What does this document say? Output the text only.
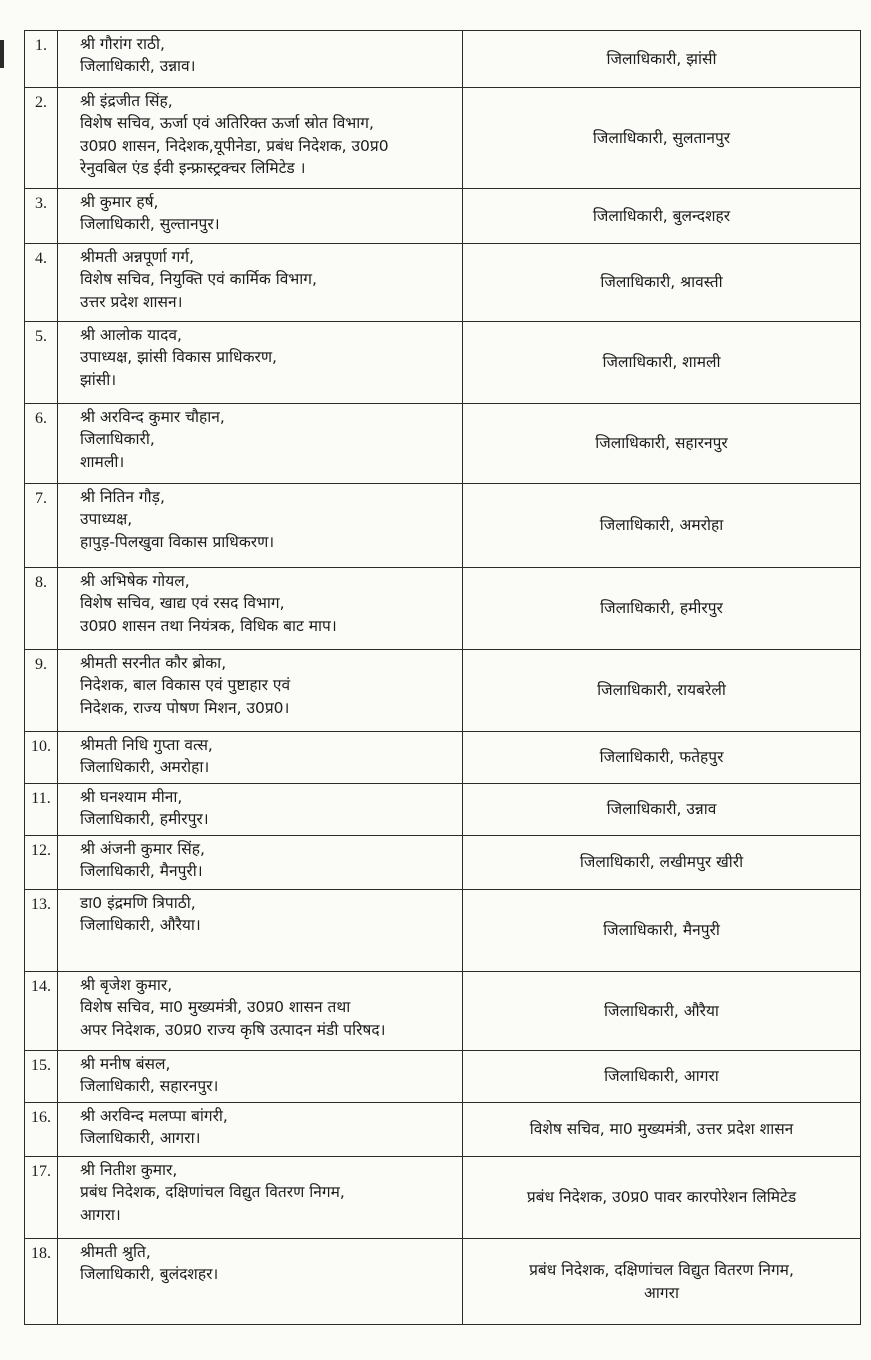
1.	श्री गौरांग राठी,
जिलाधिकारी, उन्नाव।	जिलाधिकारी, झांसी

2.	श्री इंद्रजीत सिंह,
विशेष सचिव, ऊर्जा एवं अतिरिक्त ऊर्जा स्रोत विभाग,
उ0प्र0 शासन, निदेशक,यूपीनेडा, प्रबंध निदेशक, उ0प्र0
रेनुवबिल एंड ईवी इन्फ्रास्ट्रक्चर लिमिटेड ।	जिलाधिकारी, सुलतानपुर

3.	श्री कुमार हर्ष,
जिलाधिकारी, सुल्तानपुर।	जिलाधिकारी, बुलन्दशहर

4.	श्रीमती अन्नपूर्णा गर्ग,
विशेष सचिव, नियुक्ति एवं कार्मिक विभाग,
उत्तर प्रदेश शासन।	जिलाधिकारी, श्रावस्ती

5.	श्री आलोक यादव,
उपाध्यक्ष, झांसी विकास प्राधिकरण,
झांसी।	जिलाधिकारी, शामली

6.	श्री अरविन्द कुमार चौहान,
जिलाधिकारी,
शामली।	जिलाधिकारी, सहारनपुर

7.	श्री नितिन गौड़,
उपाध्यक्ष,
हापुड़-पिलखुवा विकास प्राधिकरण।	जिलाधिकारी, अमरोहा

8.	श्री अभिषेक गोयल,
विशेष सचिव, खाद्य एवं रसद विभाग,
उ0प्र0 शासन तथा नियंत्रक, विधिक बाट माप।	जिलाधिकारी, हमीरपुर

9.	श्रीमती सरनीत कौर ब्रोका,
निदेशक, बाल विकास एवं पुष्टाहार एवं
निदेशक, राज्य पोषण मिशन, उ0प्र0।	जिलाधिकारी, रायबरेली

10.	श्रीमती निधि गुप्ता वत्स,
जिलाधिकारी, अमरोहा।	जिलाधिकारी, फतेहपुर

11.	श्री घनश्याम मीना,
जिलाधिकारी, हमीरपुर।	जिलाधिकारी, उन्नाव

12.	श्री अंजनी कुमार सिंह,
जिलाधिकारी, मैनपुरी।	जिलाधिकारी, लखीमपुर खीरी

13.	डा0 इंद्रमणि त्रिपाठी,
जिलाधिकारी, औरैया।	जिलाधिकारी, मैनपुरी

14.	श्री बृजेश कुमार,
विशेष सचिव, मा0 मुख्यमंत्री, उ0प्र0 शासन तथा
अपर निदेशक, उ0प्र0 राज्य कृषि उत्पादन मंडी परिषद।	जिलाधिकारी, औरैया

15.	श्री मनीष बंसल,
जिलाधिकारी, सहारनपुर।	जिलाधिकारी, आगरा

16.	श्री अरविन्द मलप्पा बांगरी,
जिलाधिकारी, आगरा।	विशेष सचिव, मा0 मुख्यमंत्री, उत्तर प्रदेश शासन

17.	श्री नितीश कुमार,
प्रबंध निदेशक, दक्षिणांचल विद्युत वितरण निगम,
आगरा।	प्रबंध निदेशक, उ0प्र0 पावर कारपोरेशन लिमिटेड

18.	श्रीमती श्रुति,
जिलाधिकारी, बुलंदशहर।	प्रबंध निदेशक, दक्षिणांचल विद्युत वितरण निगम,
आगरा
